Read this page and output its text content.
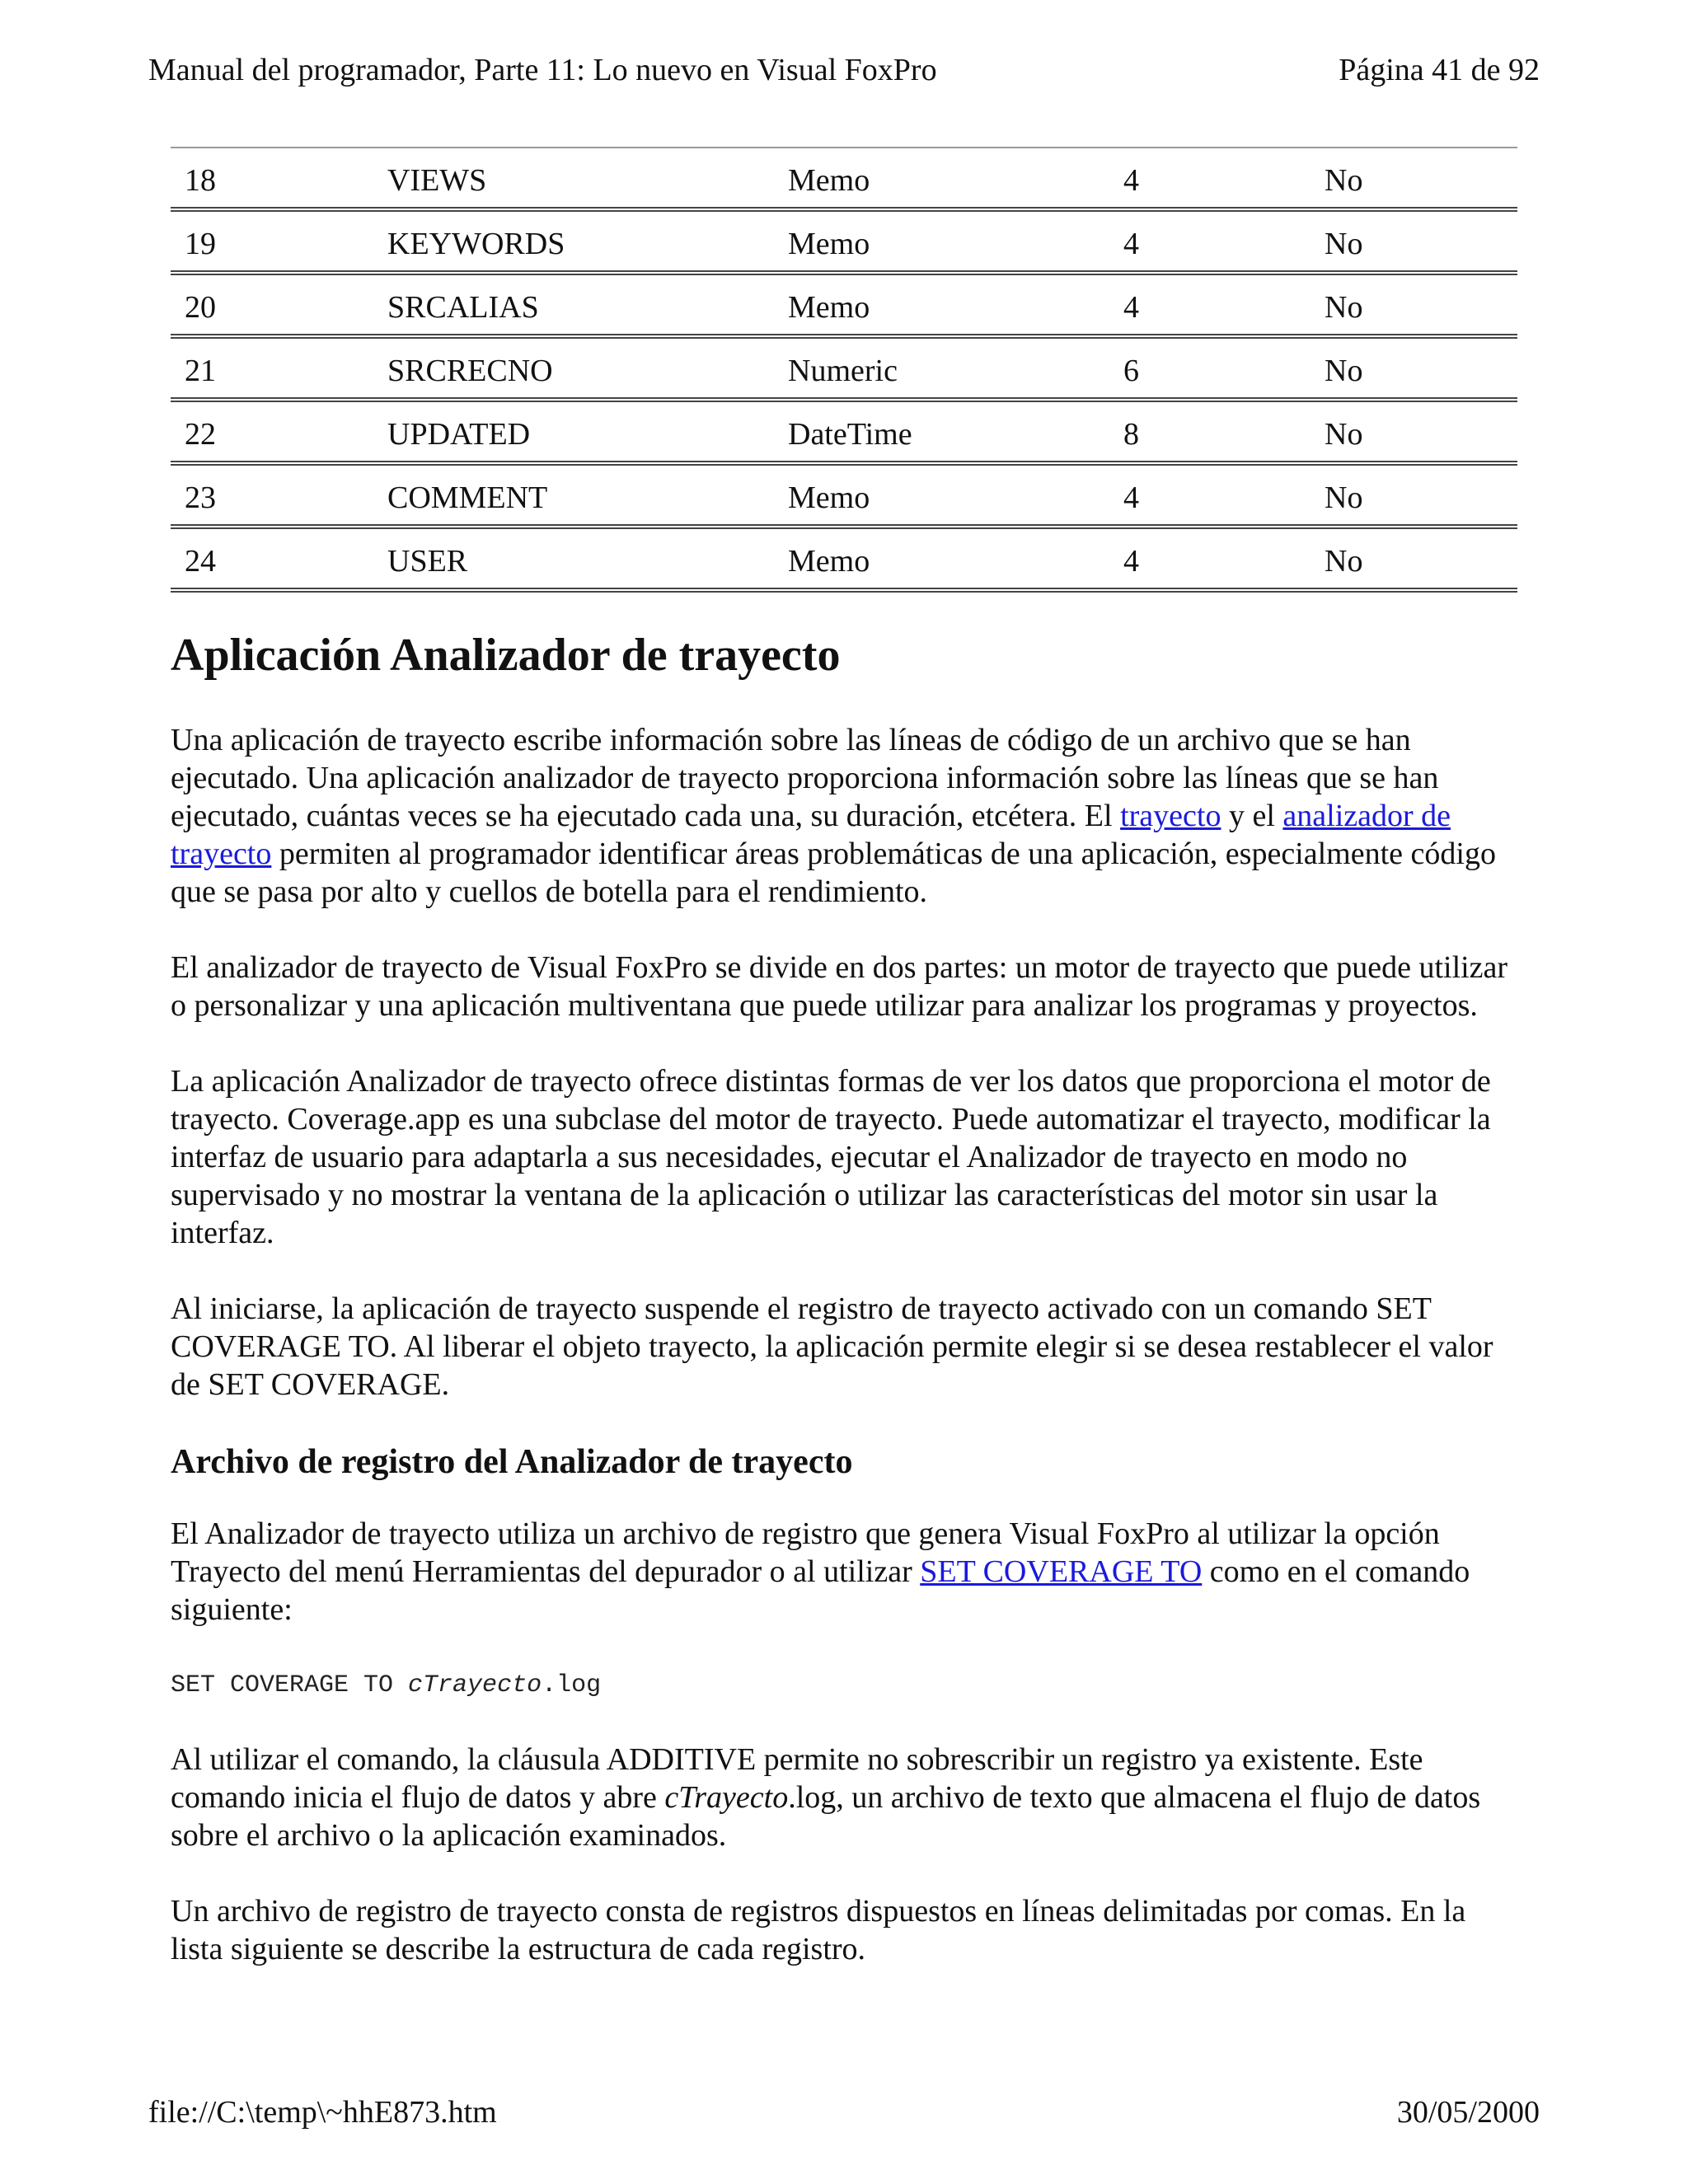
Manual del programador, Parte 11: Lo nuevo en Visual FoxPro	Página 41 de 92
18	VIEWS	Memo	4	No
19	KEYWORDS	Memo	4	No
20	SRCALIAS	Memo	4	No
21	SRCRECNO	Numeric	6	No
22	UPDATED	DateTime	8	No
23	COMMENT	Memo	4	No
24	USER	Memo	4	No
Aplicación Analizador de trayecto

Una aplicación de trayecto escribe información sobre las líneas de código de un archivo que se han ejecutado. Una aplicación analizador de trayecto proporciona información sobre las líneas que se han ejecutado, cuántas veces se ha ejecutado cada una, su duración, etcétera. El trayecto y el analizador de trayecto permiten al programador identificar áreas problemáticas de una aplicación, especialmente código que se pasa por alto y cuellos de botella para el rendimiento.

El analizador de trayecto de Visual FoxPro se divide en dos partes: un motor de trayecto que puede utilizar o personalizar y una aplicación multiventana que puede utilizar para analizar los programas y proyectos.

La aplicación Analizador de trayecto ofrece distintas formas de ver los datos que proporciona el motor de trayecto. Coverage.app es una subclase del motor de trayecto. Puede automatizar el trayecto, modificar la interfaz de usuario para adaptarla a sus necesidades, ejecutar el Analizador de trayecto en modo no supervisado y no mostrar la ventana de la aplicación o utilizar las características del motor sin usar la interfaz.

Al iniciarse, la aplicación de trayecto suspende el registro de trayecto activado con un comando SET COVERAGE TO. Al liberar el objeto trayecto, la aplicación permite elegir si se desea restablecer el valor de SET COVERAGE.

Archivo de registro del Analizador de trayecto

El Analizador de trayecto utiliza un archivo de registro que genera Visual FoxPro al utilizar la opción Trayecto del menú Herramientas del depurador o al utilizar SET COVERAGE TO como en el comando siguiente:

SET COVERAGE TO cTrayecto.log

Al utilizar el comando, la cláusula ADDITIVE permite no sobrescribir un registro ya existente. Este comando inicia el flujo de datos y abre cTrayecto.log, un archivo de texto que almacena el flujo de datos sobre el archivo o la aplicación examinados.

Un archivo de registro de trayecto consta de registros dispuestos en líneas delimitadas por comas. En la lista siguiente se describe la estructura de cada registro.

file://C:\temp\~hhE873.htm	30/05/2000
